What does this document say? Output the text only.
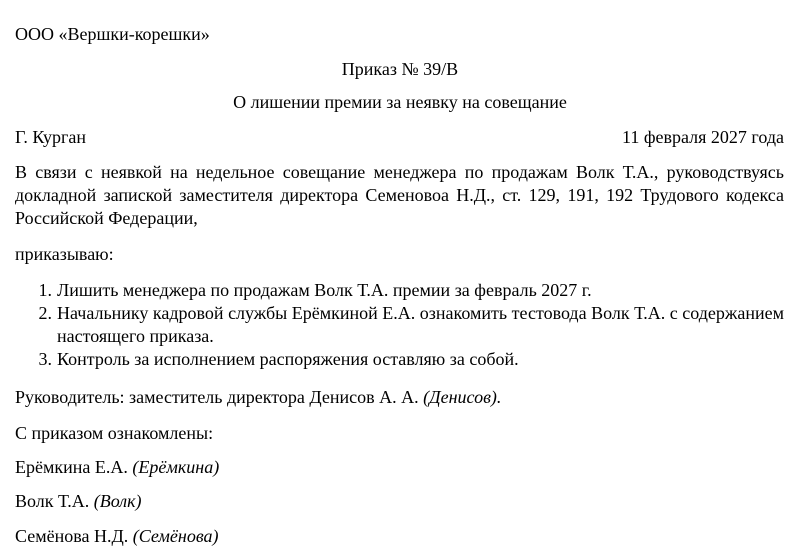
ООО «Вершки-корешки»
Приказ № 39/В
О лишении премии за неявку на совещание
Г. Курган	11 февраля 2027 года
В связи с неявкой на недельное совещание менеджера по продажам Волк Т.А., руководствуясь докладной запиской заместителя директора Семеновоа Н.Д., ст. 129, 191, 192 Трудового кодекса Российской Федерации,
приказываю:
1. Лишить менеджера по продажам Волк Т.А. премии за февраль 2027 г.
2. Начальнику кадровой службы Ерёмкиной Е.А. ознакомить тестовода Волк Т.А. с содержанием настоящего приказа.
3. Контроль за исполнением распоряжения оставляю за собой.
Руководитель: заместитель директора Денисов А. А. (Денисов).
С приказом ознакомлены:
Ерёмкина Е.А. (Ерёмкина)
Волк Т.А. (Волк)
Семёнова Н.Д. (Семёнова)
